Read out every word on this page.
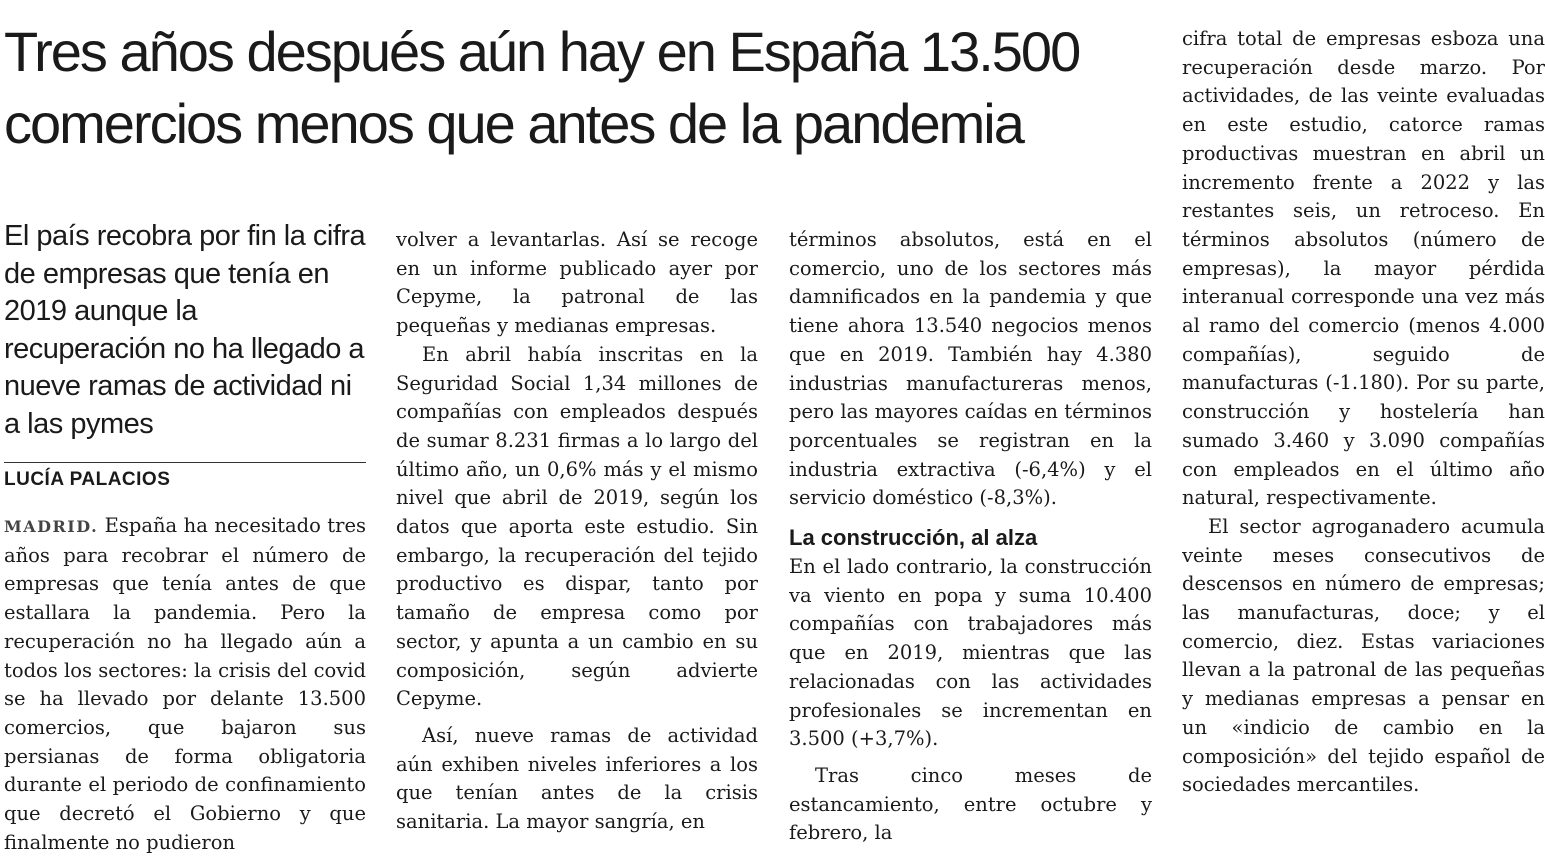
Tres años después aún hay en España 13.500 comercios menos que antes de la pandemia

El país recobra por fin la cifra de empresas que tenía en 2019 aunque la recuperación no ha llegado a nueve ramas de actividad ni a las pymes

LUCÍA PALACIOS

MADRID. España ha necesitado tres años para recobrar el número de empresas que tenía antes de que estallara la pandemia. Pero la recuperación no ha llegado aún a todos los sectores: la crisis del covid se ha llevado por delante 13.500 comercios, que bajaron sus persianas de forma obligatoria durante el periodo de confinamiento que decretó el Gobierno y que finalmente no pudieron

volver a levantarlas. Así se recoge en un informe publicado ayer por Cepyme, la patronal de las pequeñas y medianas empresas.

En abril había inscritas en la Seguridad Social 1,34 millones de compañías con empleados después de sumar 8.231 firmas a lo largo del último año, un 0,6% más y el mismo nivel que abril de 2019, según los datos que aporta este estudio. Sin embargo, la recuperación del tejido productivo es dispar, tanto por tamaño de empresa como por sector, y apunta a un cambio en su composición, según advierte Cepyme.

Así, nueve ramas de actividad aún exhiben niveles inferiores a los que tenían antes de la crisis sanitaria. La mayor sangría, en

términos absolutos, está en el comercio, uno de los sectores más damnificados en la pandemia y que tiene ahora 13.540 negocios menos que en 2019. También hay 4.380 industrias manufactureras menos, pero las mayores caídas en términos porcentuales se registran en la industria extractiva (-6,4%) y el servicio doméstico (-8,3%).

La construcción, al alza

En el lado contrario, la construcción va viento en popa y suma 10.400 compañías con trabajadores más que en 2019, mientras que las relacionadas con las actividades profesionales se incrementan en 3.500 (+3,7%).

Tras cinco meses de estancamiento, entre octubre y febrero, la

cifra total de empresas esboza una recuperación desde marzo. Por actividades, de las veinte evaluadas en este estudio, catorce ramas productivas muestran en abril un incremento frente a 2022 y las restantes seis, un retroceso. En términos absolutos (número de empresas), la mayor pérdida interanual corresponde una vez más al ramo del comercio (menos 4.000 compañías), seguido de manufacturas (-1.180). Por su parte, construcción y hostelería han sumado 3.460 y 3.090 compañías con empleados en el último año natural, respectivamente.

El sector agroganadero acumula veinte meses consecutivos de descensos en número de empresas; las manufacturas, doce; y el comercio, diez. Estas variaciones llevan a la patronal de las pequeñas y medianas empresas a pensar en un «indicio de cambio en la composición» del tejido español de sociedades mercantiles.
